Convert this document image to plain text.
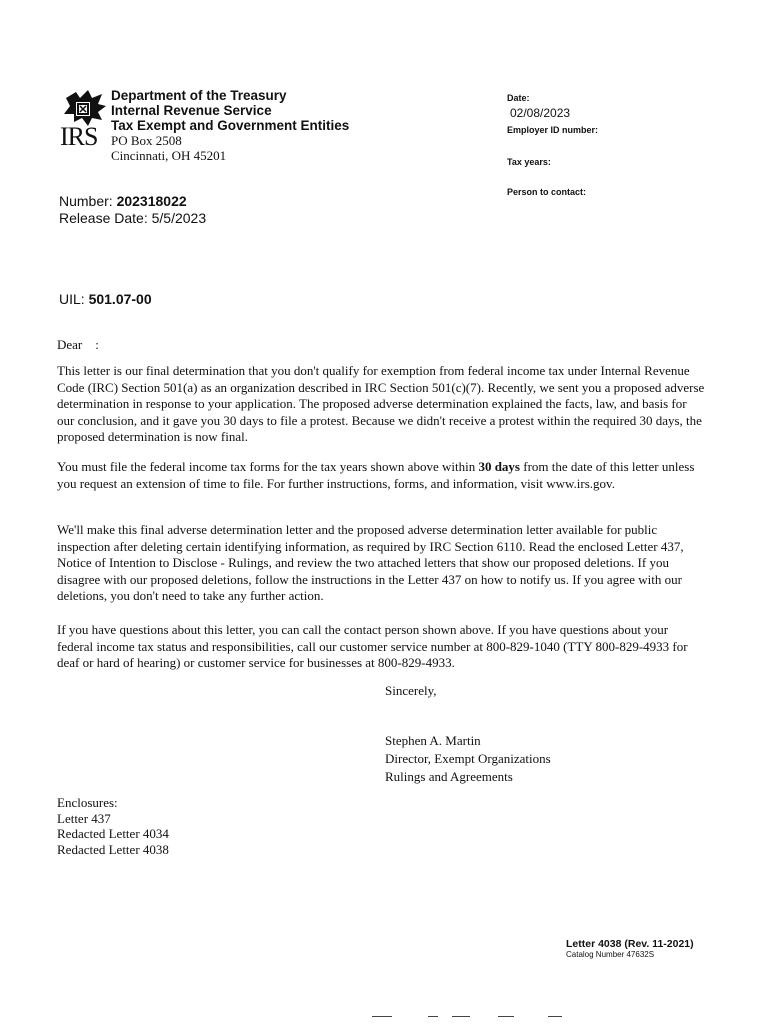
IRS
Department of the Treasury
Internal Revenue Service
Tax Exempt and Government Entities
PO Box 2508
Cincinnati, OH 45201
Date:
02/08/2023
Employer ID number:
Tax years:
Person to contact:
Number: 202318022
Release Date: 5/5/2023
UIL: 501.07-00
Dear    :
This letter is our final determination that you don't qualify for exemption from federal income tax under Internal Revenue Code (IRC) Section 501(a) as an organization described in IRC Section 501(c)(7). Recently, we sent you a proposed adverse determination in response to your application. The proposed adverse determination explained the facts, law, and basis for our conclusion, and it gave you 30 days to file a protest. Because we didn't receive a protest within the required 30 days, the proposed determination is now final.
You must file the federal income tax forms for the tax years shown above within 30 days from the date of this letter unless you request an extension of time to file. For further instructions, forms, and information, visit www.irs.gov.
We'll make this final adverse determination letter and the proposed adverse determination letter available for public inspection after deleting certain identifying information, as required by IRC Section 6110. Read the enclosed Letter 437, Notice of Intention to Disclose - Rulings, and review the two attached letters that show our proposed deletions. If you disagree with our proposed deletions, follow the instructions in the Letter 437 on how to notify us. If you agree with our deletions, you don't need to take any further action.
If you have questions about this letter, you can call the contact person shown above. If you have questions about your federal income tax status and responsibilities, call our customer service number at 800-829-1040 (TTY 800-829-4933 for deaf or hard of hearing) or customer service for businesses at 800-829-4933.
Sincerely,
Stephen A. Martin
Director, Exempt Organizations
Rulings and Agreements
Enclosures:
Letter 437
Redacted Letter 4034
Redacted Letter 4038
Letter 4038 (Rev. 11-2021)
Catalog Number 47632S
